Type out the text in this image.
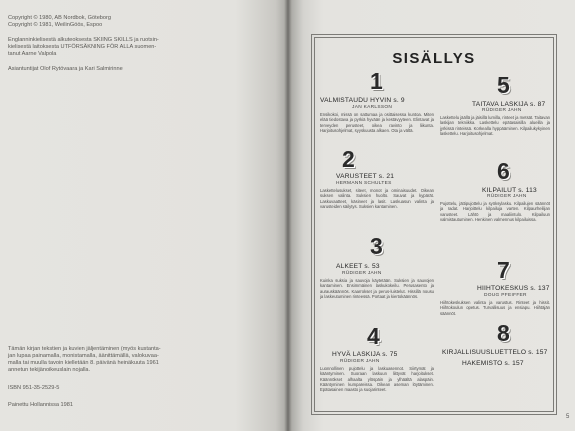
Copyright © 1980, AB Nordbok, Göteborg
Copyright © 1981, WeilinGöös, Espoo
Englanninkielisestä alkuteoksesta SKIING SKILLS ja ruotsin-
kielisestä laitoksesta UTFÖRSÄKNING FÖR ALLA suomen-
tanut Aarne Valpola
Asiantuntijat Olof Rytövaara ja Kari Salmirinne
Tämän kirjan tekstien ja kuvien jäljentäminen (myös kustanta-
jan lupaa painamalla, monistamalla, äänittämällä, valokuvaa-
malla tai muulla tavoin kielletään 8. päivänä heinäkuuta 1961
annetun tekijänoikeuslain nojalla.
ISBN 951-35-2529-5
Painettu Hollannissa 1981
SISÄLLYS
1
VALMISTAUDU HYVIN s. 9
JAN KARLSSON
Ensikokoi, missä on sattumaa ja osittaisessa kuntoa. Miten elää tiedostava ja pyrkiä hyvään ja kestävyyteen. Elintavat ja terveyden perusteet, oikea ravinto ja liikunta. Harjoitusohjelmat, syyskuusta alkaen. Ota ja vältä.
2
VARUSTEET s. 21
HERMANN SCHULTES
Laskettelusukset, siteet, monot ja ominaisuudet. Oikean suksen valinta. Suksien huolto. Sauvat ja kypärät. Laskuvaatteet, käsineet ja lasit. Laskuasun valinta ja varusteiden säilytys. Suksien kantaminen.
3
ALKEET s. 53
RÜDIGER JAHN
Kuinka suksia ja sauvoja käytetään. Suksien ja sauvojen kantaminen. Ensimmäinen laskukokeilu. Perusasento ja aurauskäännös. Kaarrokset ja perus-luistelut. Hissillä nousu ja laskeutuminen rinteessä. Portaat ja kiertokäännös.
4
HYVÄ LASKIJA s. 75
RÜDIGER JAHN
Luonnollinen pujottelu ja laskuasennot. Siirtymät ja kääntyminen. Suoraan laskuun liittyvät harjoitukset. Käännökset alhaalta ylöspäin ja ylhäältä alaspäin. Kääntyminen kumpareissa. Oikean aseman löytäminen. Epätasainen maasto ja suojarinteet.
5
TAITAVA LASKIJA s. 87
RÜDIGER JAHN
Laskettelu jäällä ja jäisillä lumilla, rinteet ja metsät. Taitavan laskijan tekniikka. Laskettelu epätasaisilla alueilla ja jyrkissä rinteissä. Korkealla hyppääminen. Kilpailukykyinen laskettelu. Harjoitusohjelmat.
6
KILPAILUT s. 113
RÜDIGER JAHN
Pujottelu, jättipujottelu ja syöksylasku. Kilpailujen säännöt ja radat. Harjoittelu kilpailuja varten. Kilpaurheilijan varusteet. Lähtö ja maaliintulo. Kilpailuun valmistautuminen. Henkinen valmennus kilpailuissa.
7
HIIHTOKESKUS s. 137
DOUG PFEIFFER
Hiihtokeskuksen valinta ja varustus. Rinteet ja hissit. Hiihtokoulun opetus. Turvallisuus ja ensiapu. Hiihtäjän säännöt.
8
KIRJALLISUUSLUETTELO s. 157
HAKEMISTO s. 157
5
